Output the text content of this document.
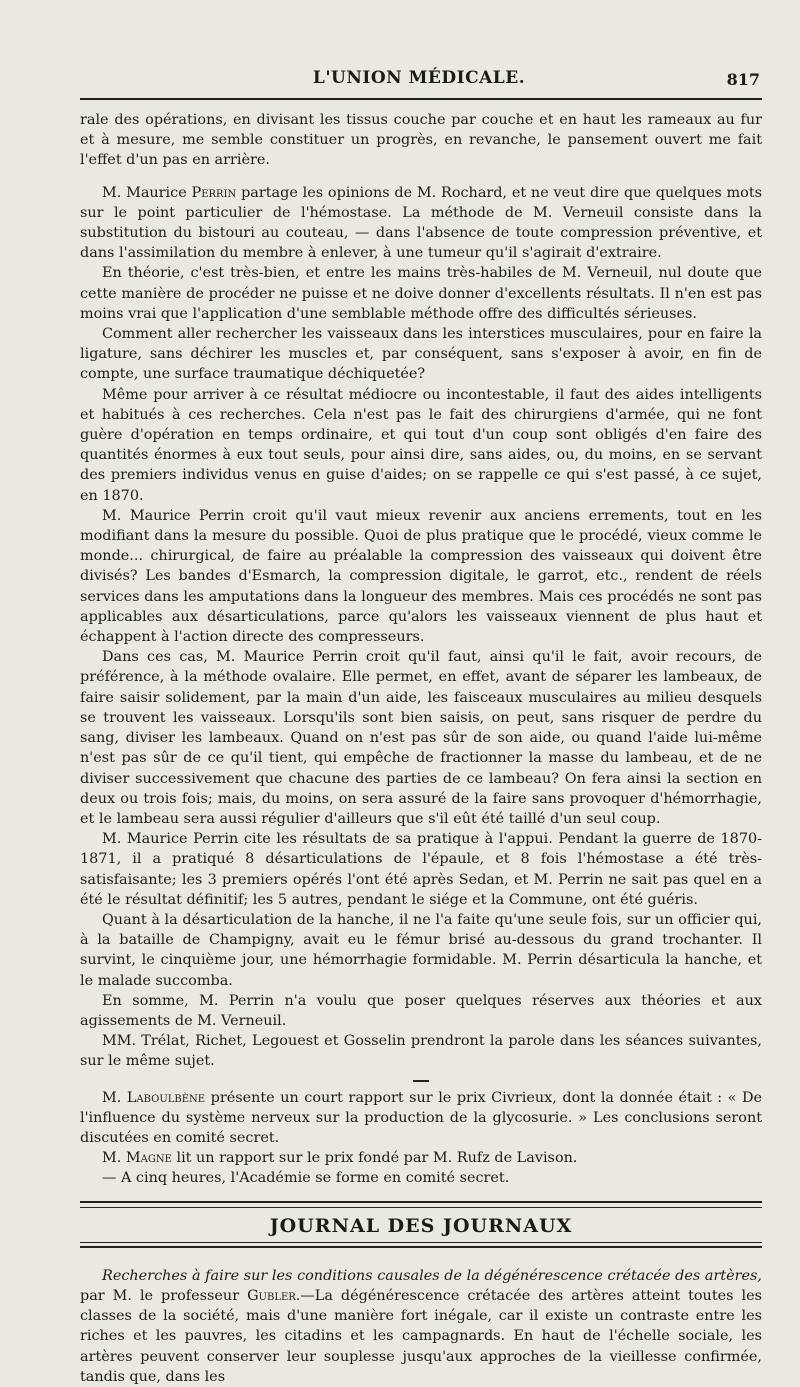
L'UNION MÉDICALE.	817

rale des opérations, en divisant les tissus couche par couche et en haut les rameaux au fur et à mesure, me semble constituer un progrès, en revanche, le pansement ouvert me fait l'effet d'un pas en arrière.

M. Maurice Perrin partage les opinions de M. Rochard, et ne veut dire que quelques mots sur le point particulier de l'hémostase. La méthode de M. Verneuil consiste dans la substitution du bistouri au couteau, — dans l'absence de toute compression préventive, et dans l'assimilation du membre à enlever, à une tumeur qu'il s'agirait d'extraire.

En théorie, c'est très-bien, et entre les mains très-habiles de M. Verneuil, nul doute que cette manière de procéder ne puisse et ne doive donner d'excellents résultats. Il n'en est pas moins vrai que l'application d'une semblable méthode offre des difficultés sérieuses.

Comment aller rechercher les vaisseaux dans les interstices musculaires, pour en faire la ligature, sans déchirer les muscles et, par conséquent, sans s'exposer à avoir, en fin de compte, une surface traumatique déchiquetée?

Même pour arriver à ce résultat médiocre ou incontestable, il faut des aides intelligents et habitués à ces recherches. Cela n'est pas le fait des chirurgiens d'armée, qui ne font guère d'opération en temps ordinaire, et qui tout d'un coup sont obligés d'en faire des quantités énormes à eux tout seuls, pour ainsi dire, sans aides, ou, du moins, en se servant des premiers individus venus en guise d'aides; on se rappelle ce qui s'est passé, à ce sujet, en 1870.

M. Maurice Perrin croit qu'il vaut mieux revenir aux anciens errements, tout en les modifiant dans la mesure du possible. Quoi de plus pratique que le procédé, vieux comme le monde... chirurgical, de faire au préalable la compression des vaisseaux qui doivent être divisés? Les bandes d'Esmarch, la compression digitale, le garrot, etc., rendent de réels services dans les amputations dans la longueur des membres. Mais ces procédés ne sont pas applicables aux désarticulations, parce qu'alors les vaisseaux viennent de plus haut et échappent à l'action directe des compresseurs.

Dans ces cas, M. Maurice Perrin croit qu'il faut, ainsi qu'il le fait, avoir recours, de préférence, à la méthode ovalaire. Elle permet, en effet, avant de séparer les lambeaux, de faire saisir solidement, par la main d'un aide, les faisceaux musculaires au milieu desquels se trouvent les vaisseaux. Lorsqu'ils sont bien saisis, on peut, sans risquer de perdre du sang, diviser les lambeaux. Quand on n'est pas sûr de son aide, ou quand l'aide lui-même n'est pas sûr de ce qu'il tient, qui empêche de fractionner la masse du lambeau, et de ne diviser successivement que chacune des parties de ce lambeau? On fera ainsi la section en deux ou trois fois; mais, du moins, on sera assuré de la faire sans provoquer d'hémorrhagie, et le lambeau sera aussi régulier d'ailleurs que s'il eût été taillé d'un seul coup.

M. Maurice Perrin cite les résultats de sa pratique à l'appui. Pendant la guerre de 1870-1871, il a pratiqué 8 désarticulations de l'épaule, et 8 fois l'hémostase a été très-satisfaisante; les 3 premiers opérés l'ont été après Sedan, et M. Perrin ne sait pas quel en a été le résultat définitif; les 5 autres, pendant le siége et la Commune, ont été guéris.

Quant à la désarticulation de la hanche, il ne l'a faite qu'une seule fois, sur un officier qui, à la bataille de Champigny, avait eu le fémur brisé au-dessous du grand trochanter. Il survint, le cinquième jour, une hémorrhagie formidable. M. Perrin désarticula la hanche, et le malade succomba.

En somme, M. Perrin n'a voulu que poser quelques réserves aux théories et aux agissements de M. Verneuil.

MM. Trélat, Richet, Legouest et Gosselin prendront la parole dans les séances suivantes, sur le même sujet.

M. Laboulbène présente un court rapport sur le prix Civrieux, dont la donnée était : « De l'influence du système nerveux sur la production de la glycosurie. » Les conclusions seront discutées en comité secret.

M. Magne lit un rapport sur le prix fondé par M. Rufz de Lavison.

— A cinq heures, l'Académie se forme en comité secret.

JOURNAL DES JOURNAUX

Recherches à faire sur les conditions causales de la dégénérescence crétacée des artères, par M. le professeur Gubler.—La dégénérescence crétacée des artères atteint toutes les classes de la société, mais d'une manière fort inégale, car il existe un contraste entre les riches et les pauvres, les citadins et les campagnards. En haut de l'échelle sociale, les artères peuvent conserver leur souplesse jusqu'aux approches de la vieillesse confirmée, tandis que, dans les
